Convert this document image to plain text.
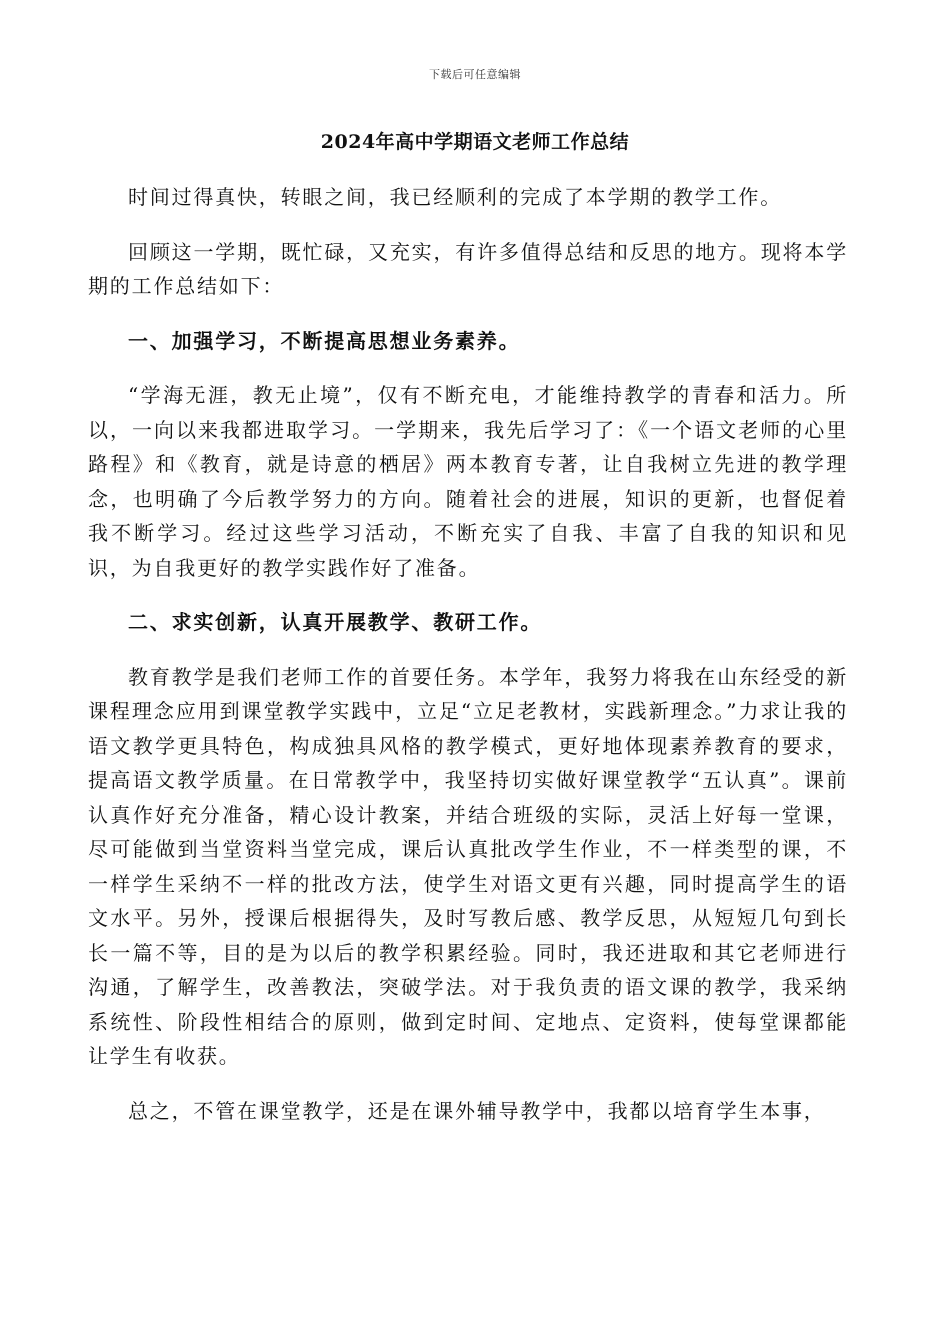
下载后可任意编辑
2024年高中学期语文老师工作总结

时间过得真快，转眼之间，我已经顺利的完成了本学期的教学工作。

回顾这一学期，既忙碌，又充实，有许多值得总结和反思的地方。现将本学期的工作总结如下：

一、加强学习，不断提高思想业务素养。

“学海无涯，教无止境”，仅有不断充电，才能维持教学的青春和活力。所以，一向以来我都进取学习。一学期来，我先后学习了：《一个语文老师的心里路程》和《教育，就是诗意的栖居》两本教育专著，让自我树立先进的教学理念，也明确了今后教学努力的方向。随着社会的进展，知识的更新，也督促着我不断学习。经过这些学习活动，不断充实了自我、丰富了自我的知识和见识，为自我更好的教学实践作好了准备。

二、求实创新，认真开展教学、教研工作。

教育教学是我们老师工作的首要任务。本学年，我努力将我在山东经受的新课程理念应用到课堂教学实践中，立足“立足老教材，实践新理念。”力求让我的语文教学更具特色，构成独具风格的教学模式，更好地体现素养教育的要求，提高语文教学质量。在日常教学中，我坚持切实做好课堂教学“五认真”。课前认真作好充分准备，精心设计教案，并结合班级的实际，灵活上好每一堂课，尽可能做到当堂资料当堂完成，课后认真批改学生作业，不一样类型的课，不一样学生采纳不一样的批改方法，使学生对语文更有兴趣，同时提高学生的语文水平。另外，授课后根据得失，及时写教后感、教学反思，从短短几句到长长一篇不等，目的是为以后的教学积累经验。同时，我还进取和其它老师进行沟通，了解学生，改善教法，突破学法。对于我负责的语文课的教学，我采纳系统性、阶段性相结合的原则，做到定时间、定地点、定资料，使每堂课都能让学生有收获。

总之，不管在课堂教学，还是在课外辅导教学中，我都以培育学生本事，
